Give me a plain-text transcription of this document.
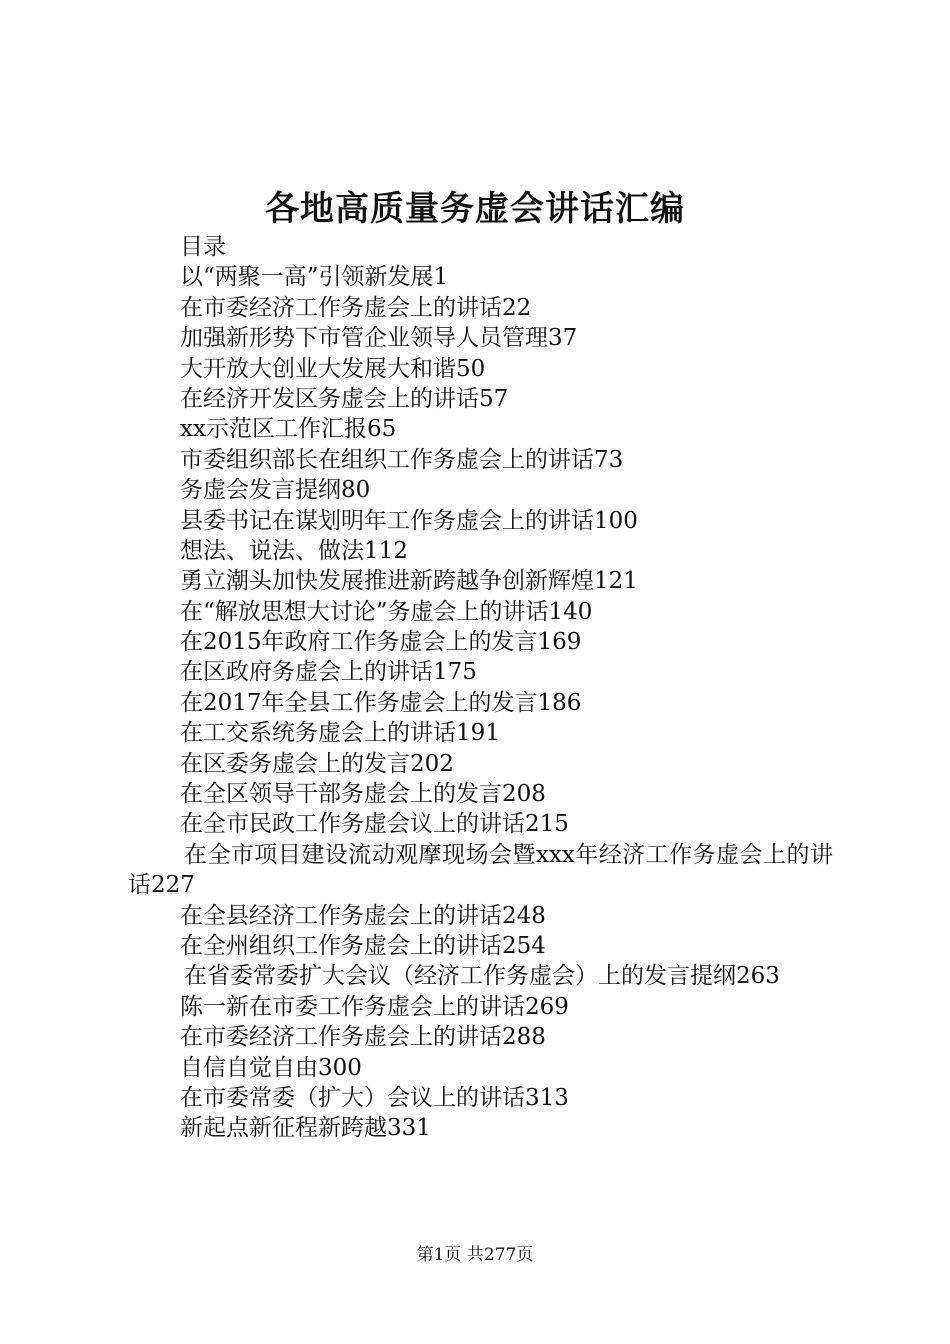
各地高质量务虚会讲话汇编
目录
以“两聚一高”引领新发展1
在市委经济工作务虚会上的讲话22
加强新形势下市管企业领导人员管理37
大开放大创业大发展大和谐50
在经济开发区务虚会上的讲话57
xx示范区工作汇报65
市委组织部长在组织工作务虚会上的讲话73
务虚会发言提纲80
县委书记在谋划明年工作务虚会上的讲话100
想法、说法、做法112
勇立潮头加快发展推进新跨越争创新辉煌121
在“解放思想大讨论”务虚会上的讲话140
在2015年政府工作务虚会上的发言169
在区政府务虚会上的讲话175
在2017年全县工作务虚会上的发言186
在工交系统务虚会上的讲话191
在区委务虚会上的发言202
在全区领导干部务虚会上的发言208
在全市民政工作务虚会议上的讲话215
在全市项目建设流动观摩现场会暨xxx年经济工作务虚会上的讲话227
在全县经济工作务虚会上的讲话248
在全州组织工作务虚会上的讲话254
在省委常委扩大会议（经济工作务虚会）上的发言提纲263
陈一新在市委工作务虚会上的讲话269
在市委经济工作务虚会上的讲话288
自信自觉自由300
在市委常委（扩大）会议上的讲话313
新起点新征程新跨越331
第1页 共277页
